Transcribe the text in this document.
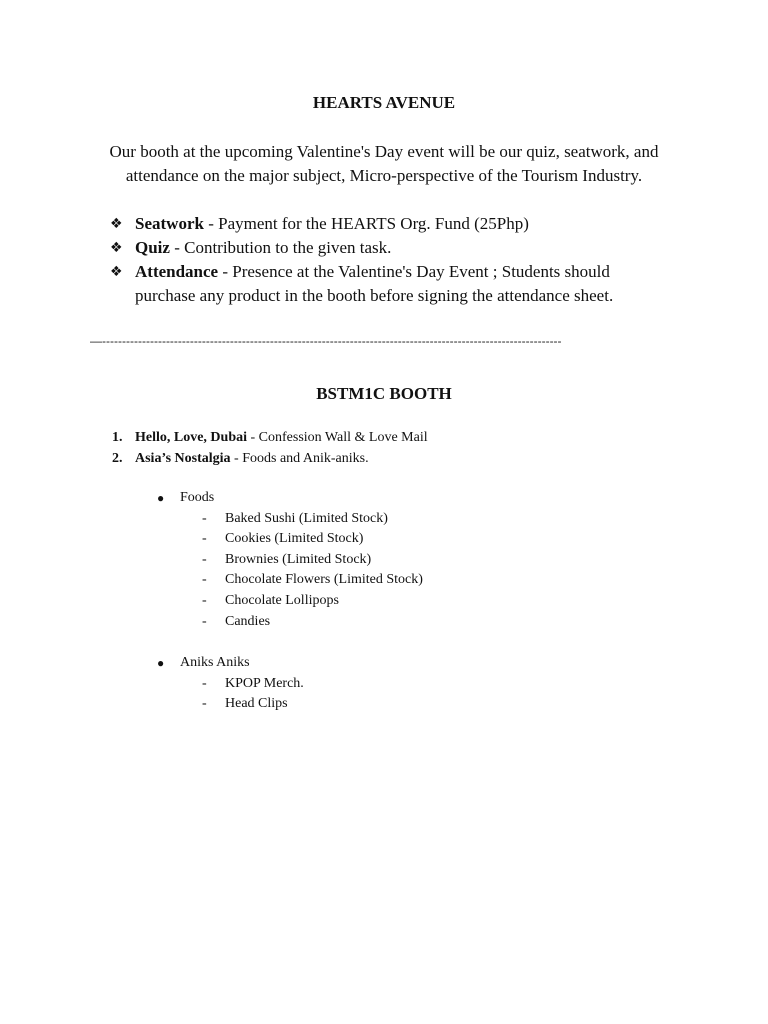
HEARTS AVENUE
Our booth at the upcoming Valentine's Day event will be our quiz, seatwork, and attendance on the major subject, Micro-perspective of the Tourism Industry.
❖ Seatwork - Payment for the HEARTS Org. Fund (25Php)
❖ Quiz - Contribution to the given task.
❖ Attendance - Presence at the Valentine's Day Event ; Students should purchase any product in the booth before signing the attendance sheet.
—-------------------------------------------------------------------------------------------------------------------
BSTM1C BOOTH
1. Hello, Love, Dubai - Confession Wall & Love Mail
2. Asia’s Nostalgia - Foods and Anik-aniks.
● Foods
- Baked Sushi (Limited Stock)
- Cookies (Limited Stock)
- Brownies (Limited Stock)
- Chocolate Flowers (Limited Stock)
- Chocolate Lollipops
- Candies
● Aniks Aniks
- KPOP Merch.
- Head Clips
